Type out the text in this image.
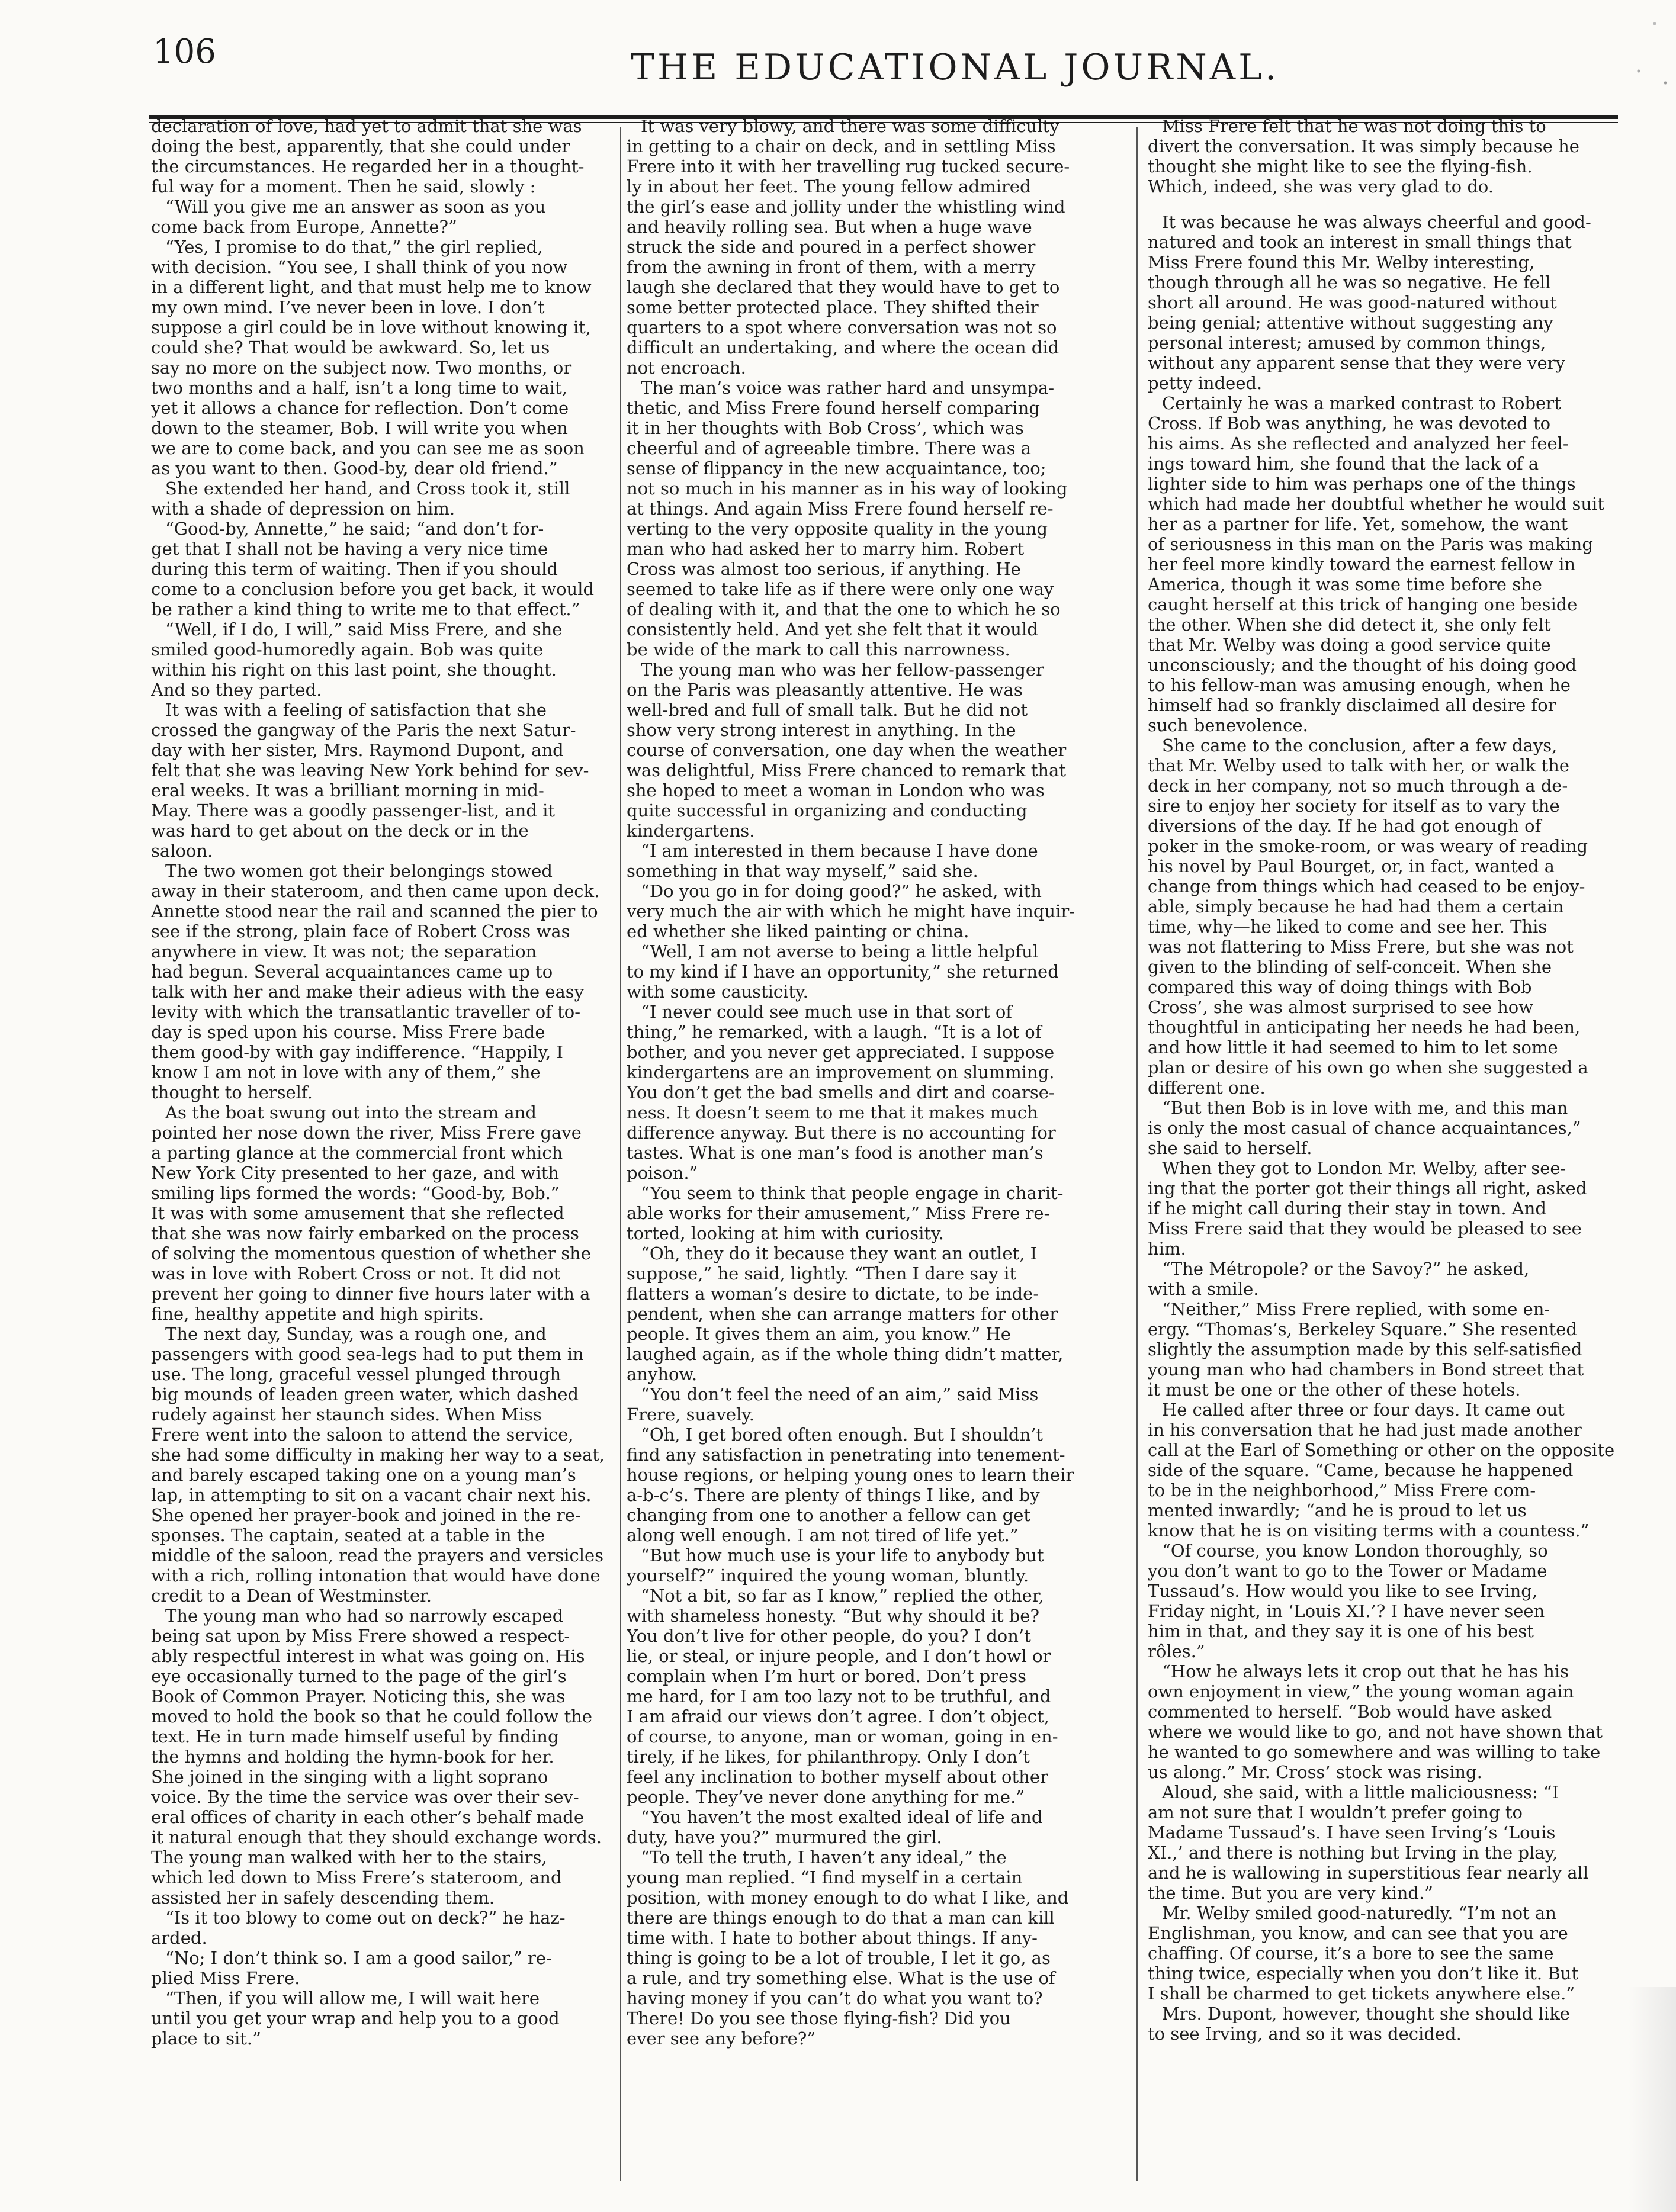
106	THE EDUCATIONAL JOURNAL.

declaration of love, had yet to admit that she was
doing the best, apparently, that she could under
the circumstances. He regarded her in a thought-
ful way for a moment. Then he said, slowly :

“Will you give me an answer as soon as you
come back from Europe, Annette?”

“Yes, I promise to do that,” the girl replied,
with decision. “You see, I shall think of you now
in a different light, and that must help me to know
my own mind. I’ve never been in love. I don’t
suppose a girl could be in love without knowing it,
could she? That would be awkward. So, let us
say no more on the subject now. Two months, or
two months and a half, isn’t a long time to wait,
yet it allows a chance for reflection. Don’t come
down to the steamer, Bob. I will write you when
we are to come back, and you can see me as soon
as you want to then. Good-by, dear old friend.”

She extended her hand, and Cross took it, still
with a shade of depression on him.

“Good-by, Annette,” he said; “and don’t for-
get that I shall not be having a very nice time
during this term of waiting. Then if you should
come to a conclusion before you get back, it would
be rather a kind thing to write me to that effect.”

“Well, if I do, I will,” said Miss Frere, and she
smiled good-humoredly again. Bob was quite
within his right on this last point, she thought.
And so they parted.

It was with a feeling of satisfaction that she
crossed the gangway of the Paris the next Satur-
day with her sister, Mrs. Raymond Dupont, and
felt that she was leaving New York behind for sev-
eral weeks. It was a brilliant morning in mid-
May. There was a goodly passenger-list, and it
was hard to get about on the deck or in the
saloon.

The two women got their belongings stowed
away in their stateroom, and then came upon deck.
Annette stood near the rail and scanned the pier to
see if the strong, plain face of Robert Cross was
anywhere in view. It was not; the separation
had begun. Several acquaintances came up to
talk with her and make their adieus with the easy
levity with which the transatlantic traveller of to-
day is sped upon his course. Miss Frere bade
them good-by with gay indifference. “Happily, I
know I am not in love with any of them,” she
thought to herself.

As the boat swung out into the stream and
pointed her nose down the river, Miss Frere gave
a parting glance at the commercial front which
New York City presented to her gaze, and with
smiling lips formed the words: “Good-by, Bob.”
It was with some amusement that she reflected
that she was now fairly embarked on the process
of solving the momentous question of whether she
was in love with Robert Cross or not. It did not
prevent her going to dinner five hours later with a
fine, healthy appetite and high spirits.

The next day, Sunday, was a rough one, and
passengers with good sea-legs had to put them in
use. The long, graceful vessel plunged through
big mounds of leaden green water, which dashed
rudely against her staunch sides. When Miss
Frere went into the saloon to attend the service,
she had some difficulty in making her way to a seat,
and barely escaped taking one on a young man’s
lap, in attempting to sit on a vacant chair next his.
She opened her prayer-book and joined in the re-
sponses. The captain, seated at a table in the
middle of the saloon, read the prayers and versicles
with a rich, rolling intonation that would have done
credit to a Dean of Westminster.

The young man who had so narrowly escaped
being sat upon by Miss Frere showed a respect-
ably respectful interest in what was going on. His
eye occasionally turned to the page of the girl’s
Book of Common Prayer. Noticing this, she was
moved to hold the book so that he could follow the
text. He in turn made himself useful by finding
the hymns and holding the hymn-book for her.
She joined in the singing with a light soprano
voice. By the time the service was over their sev-
eral offices of charity in each other’s behalf made
it natural enough that they should exchange words.
The young man walked with her to the stairs,
which led down to Miss Frere’s stateroom, and
assisted her in safely descending them.

“Is it too blowy to come out on deck?” he haz-
arded.

“No; I don’t think so. I am a good sailor,” re-
plied Miss Frere.

“Then, if you will allow me, I will wait here
until you get your wrap and help you to a good
place to sit.”

It was very blowy, and there was some difficulty
in getting to a chair on deck, and in settling Miss
Frere into it with her travelling rug tucked secure-
ly in about her feet. The young fellow admired
the girl’s ease and jollity under the whistling wind
and heavily rolling sea. But when a huge wave
struck the side and poured in a perfect shower
from the awning in front of them, with a merry
laugh she declared that they would have to get to
some better protected place. They shifted their
quarters to a spot where conversation was not so
difficult an undertaking, and where the ocean did
not encroach.

The man’s voice was rather hard and unsympa-
thetic, and Miss Frere found herself comparing
it in her thoughts with Bob Cross’, which was
cheerful and of agreeable timbre. There was a
sense of flippancy in the new acquaintance, too;
not so much in his manner as in his way of looking
at things. And again Miss Frere found herself re-
verting to the very opposite quality in the young
man who had asked her to marry him. Robert
Cross was almost too serious, if anything. He
seemed to take life as if there were only one way
of dealing with it, and that the one to which he so
consistently held. And yet she felt that it would
be wide of the mark to call this narrowness.

The young man who was her fellow-passenger
on the Paris was pleasantly attentive. He was
well-bred and full of small talk. But he did not
show very strong interest in anything. In the
course of conversation, one day when the weather
was delightful, Miss Frere chanced to remark that
she hoped to meet a woman in London who was
quite successful in organizing and conducting
kindergartens.

“I am interested in them because I have done
something in that way myself,” said she.

“Do you go in for doing good?” he asked, with
very much the air with which he might have inquir-
ed whether she liked painting or china.

“Well, I am not averse to being a little helpful
to my kind if I have an opportunity,” she returned
with some causticity.

“I never could see much use in that sort of
thing,” he remarked, with a laugh. “It is a lot of
bother, and you never get appreciated. I suppose
kindergartens are an improvement on slumming.
You don’t get the bad smells and dirt and coarse-
ness. It doesn’t seem to me that it makes much
difference anyway. But there is no accounting for
tastes. What is one man’s food is another man’s
poison.”

“You seem to think that people engage in charit-
able works for their amusement,” Miss Frere re-
torted, looking at him with curiosity.

“Oh, they do it because they want an outlet, I
suppose,” he said, lightly. “Then I dare say it
flatters a woman’s desire to dictate, to be inde-
pendent, when she can arrange matters for other
people. It gives them an aim, you know.” He
laughed again, as if the whole thing didn’t matter,
anyhow.

“You don’t feel the need of an aim,” said Miss
Frere, suavely.

“Oh, I get bored often enough. But I shouldn’t
find any satisfaction in penetrating into tenement-
house regions, or helping young ones to learn their
a-b-c’s. There are plenty of things I like, and by
changing from one to another a fellow can get
along well enough. I am not tired of life yet.”

“But how much use is your life to anybody but
yourself?” inquired the young woman, bluntly.

“Not a bit, so far as I know,” replied the other,
with shameless honesty. “But why should it be?
You don’t live for other people, do you? I don’t
lie, or steal, or injure people, and I don’t howl or
complain when I’m hurt or bored. Don’t press
me hard, for I am too lazy not to be truthful, and
I am afraid our views don’t agree. I don’t object,
of course, to anyone, man or woman, going in en-
tirely, if he likes, for philanthropy. Only I don’t
feel any inclination to bother myself about other
people. They’ve never done anything for me.”

“You haven’t the most exalted ideal of life and
duty, have you?” murmured the girl.

“To tell the truth, I haven’t any ideal,” the
young man replied. “I find myself in a certain
position, with money enough to do what I like, and
there are things enough to do that a man can kill
time with. I hate to bother about things. If any-
thing is going to be a lot of trouble, I let it go, as
a rule, and try something else. What is the use of
having money if you can’t do what you want to?
There! Do you see those flying-fish? Did you
ever see any before?”

Miss Frere felt that he was not doing this to
divert the conversation. It was simply because he
thought she might like to see the flying-fish.
Which, indeed, she was very glad to do.

It was because he was always cheerful and good-
natured and took an interest in small things that
Miss Frere found this Mr. Welby interesting,
though through all he was so negative. He fell
short all around. He was good-natured without
being genial; attentive without suggesting any
personal interest; amused by common things,
without any apparent sense that they were very
petty indeed.

Certainly he was a marked contrast to Robert
Cross. If Bob was anything, he was devoted to
his aims. As she reflected and analyzed her feel-
ings toward him, she found that the lack of a
lighter side to him was perhaps one of the things
which had made her doubtful whether he would suit
her as a partner for life. Yet, somehow, the want
of seriousness in this man on the Paris was making
her feel more kindly toward the earnest fellow in
America, though it was some time before she
caught herself at this trick of hanging one beside
the other. When she did detect it, she only felt
that Mr. Welby was doing a good service quite
unconsciously; and the thought of his doing good
to his fellow-man was amusing enough, when he
himself had so frankly disclaimed all desire for
such benevolence.

She came to the conclusion, after a few days,
that Mr. Welby used to talk with her, or walk the
deck in her company, not so much through a de-
sire to enjoy her society for itself as to vary the
diversions of the day. If he had got enough of
poker in the smoke-room, or was weary of reading
his novel by Paul Bourget, or, in fact, wanted a
change from things which had ceased to be enjoy-
able, simply because he had had them a certain
time, why—he liked to come and see her. This
was not flattering to Miss Frere, but she was not
given to the blinding of self-conceit. When she
compared this way of doing things with Bob
Cross’, she was almost surprised to see how
thoughtful in anticipating her needs he had been,
and how little it had seemed to him to let some
plan or desire of his own go when she suggested a
different one.

“But then Bob is in love with me, and this man
is only the most casual of chance acquaintances,”
she said to herself.

When they got to London Mr. Welby, after see-
ing that the porter got their things all right, asked
if he might call during their stay in town. And
Miss Frere said that they would be pleased to see
him.

“The Métropole? or the Savoy?” he asked,
with a smile.

“Neither,” Miss Frere replied, with some en-
ergy. “Thomas’s, Berkeley Square.” She resented
slightly the assumption made by this self-satisfied
young man who had chambers in Bond street that
it must be one or the other of these hotels.

He called after three or four days. It came out
in his conversation that he had just made another
call at the Earl of Something or other on the opposite
side of the square. “Came, because he happened
to be in the neighborhood,” Miss Frere com-
mented inwardly; “and he is proud to let us
know that he is on visiting terms with a countess.”

“Of course, you know London thoroughly, so
you don’t want to go to the Tower or Madame
Tussaud’s. How would you like to see Irving,
Friday night, in ‘Louis XI.’? I have never seen
him in that, and they say it is one of his best
rôles.”

“How he always lets it crop out that he has his
own enjoyment in view,” the young woman again
commented to herself. “Bob would have asked
where we would like to go, and not have shown that
he wanted to go somewhere and was willing to take
us along.” Mr. Cross’ stock was rising.

Aloud, she said, with a little maliciousness: “I
am not sure that I wouldn’t prefer going to
Madame Tussaud’s. I have seen Irving’s ‘Louis
XI.,’ and there is nothing but Irving in the play,
and he is wallowing in superstitious fear nearly all
the time. But you are very kind.”

Mr. Welby smiled good-naturedly. “I’m not an
Englishman, you know, and can see that you are
chaffing. Of course, it’s a bore to see the same
thing twice, especially when you don’t like it. But
I shall be charmed to get tickets anywhere else.”

Mrs. Dupont, however, thought she should like
to see Irving, and so it was decided.
